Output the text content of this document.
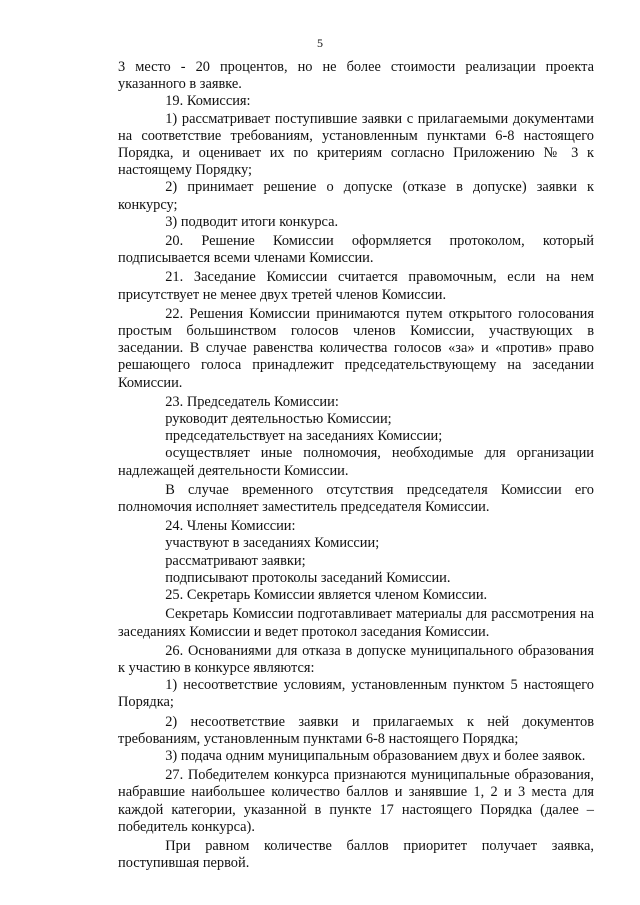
5

3 место - 20 процентов, но не более стоимости реализации проекта указанного в заявке.

19. Комиссия:

1) рассматривает поступившие заявки с прилагаемыми документами на соответствие требованиям, установленным пунктами 6-8 настоящего Порядка, и оценивает их по критериям согласно Приложению № 3 к настоящему Порядку;

2) принимает решение о допуске (отказе в допуске) заявки к конкурсу;

3) подводит итоги конкурса.

20. Решение Комиссии оформляется протоколом, который подписывается всеми членами Комиссии.

21. Заседание Комиссии считается правомочным, если на нем присутствует не менее двух третей членов Комиссии.

22. Решения Комиссии принимаются путем открытого голосования простым большинством голосов членов Комиссии, участвующих в заседании. В случае равенства количества голосов «за» и «против» право решающего голоса принадлежит председательствующему на заседании Комиссии.

23. Председатель Комиссии:

руководит деятельностью Комиссии;

председательствует на заседаниях Комиссии;

осуществляет иные полномочия, необходимые для организации надлежащей деятельности Комиссии.

В случае временного отсутствия председателя Комиссии его полномочия исполняет заместитель председателя Комиссии.

24. Члены Комиссии:

участвуют в заседаниях Комиссии;

рассматривают заявки;

подписывают протоколы заседаний Комиссии.

25. Секретарь Комиссии является членом Комиссии.

Секретарь Комиссии подготавливает материалы для рассмотрения на заседаниях Комиссии и ведет протокол заседания Комиссии.

26. Основаниями для отказа в допуске муниципального образования к участию в конкурсе являются:

1) несоответствие условиям, установленным пунктом 5 настоящего Порядка;

2) несоответствие заявки и прилагаемых к ней документов требованиям, установленным пунктами 6-8 настоящего Порядка;

3) подача одним муниципальным образованием двух и более заявок.

27. Победителем конкурса признаются муниципальные образования, набравшие наибольшее количество баллов и занявшие 1, 2 и 3 места для каждой категории, указанной в пункте 17 настоящего Порядка (далее – победитель конкурса).

При равном количестве баллов приоритет получает заявка, поступившая первой.
